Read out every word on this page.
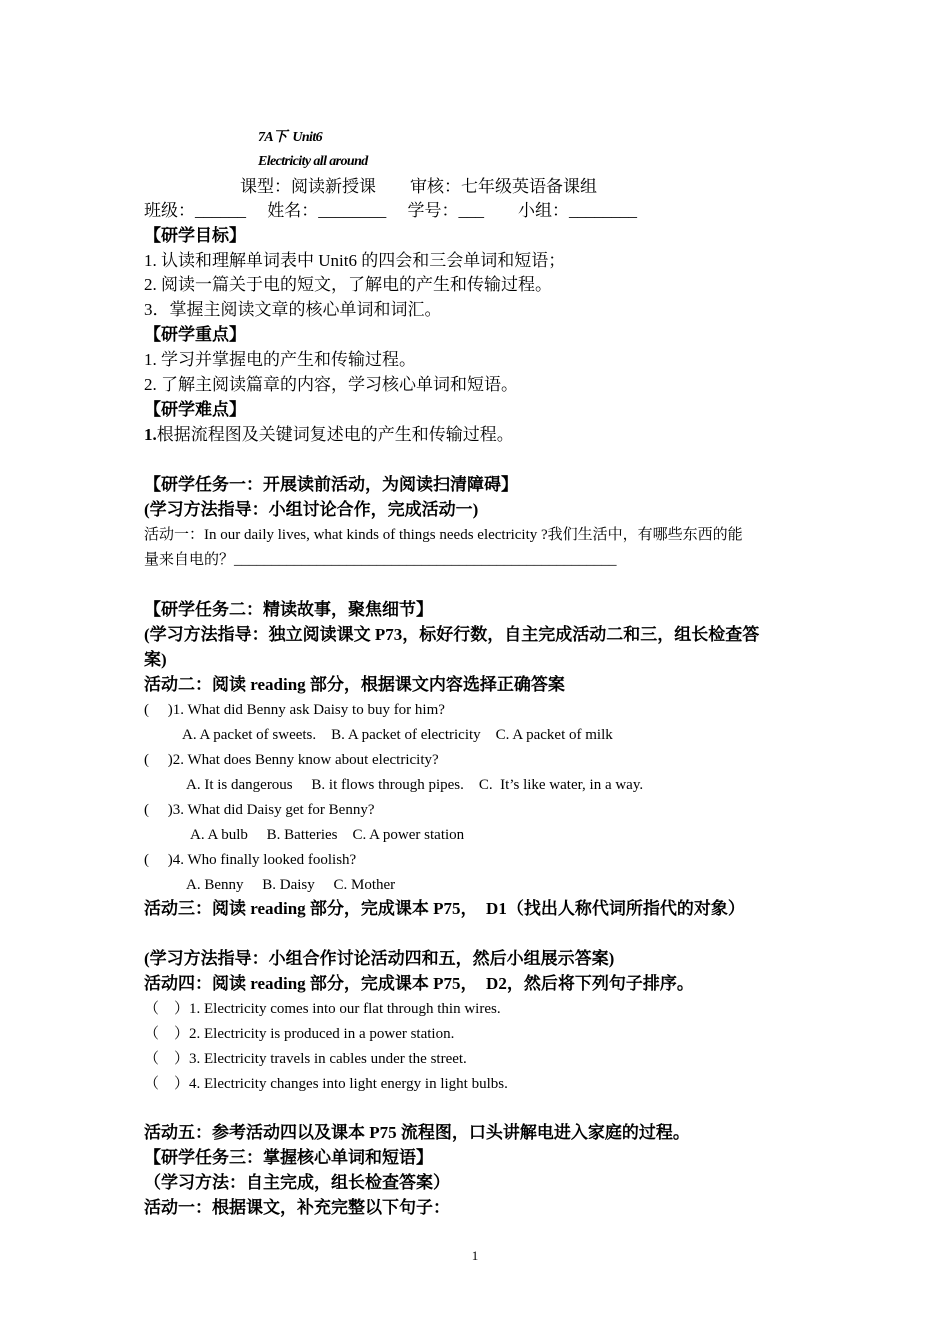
7A下  Unit6
Electricity all around
课型：阅读新授课        审核：七年级英语备课组
班级：______     姓名：________     学号：___        小组：________
【研学目标】
1. 认读和理解单词表中 Unit6 的四会和三会单词和短语；
2. 阅读一篇关于电的短文，了解电的产生和传输过程。
3．掌握主阅读文章的核心单词和词汇。
【研学重点】
1. 学习并掌握电的产生和传输过程。
2. 了解主阅读篇章的内容，学习核心单词和短语。
【研学难点】
1.根据流程图及关键词复述电的产生和传输过程。
【研学任务一：开展读前活动，为阅读扫清障碍】
(学习方法指导：小组讨论合作，完成活动一)
活动一：In our daily lives, what kinds of things needs electricity ?我们生活中，有哪些东西的能
量来自电的？___________________________________________________
【研学任务二：精读故事，聚焦细节】
(学习方法指导：独立阅读课文 P73，标好行数，自主完成活动二和三，组长检查答
案)
活动二：阅读 reading 部分，根据课文内容选择正确答案
(     )1. What did Benny ask Daisy to buy for him?
A. A packet of sweets.    B. A packet of electricity    C. A packet of milk
(     )2. What does Benny know about electricity?
A. It is dangerous     B. it flows through pipes.    C.  It’s like water, in a way.
(     )3. What did Daisy get for Benny?
A. A bulb     B. Batteries    C. A power station
(     )4. Who finally looked foolish?
A. Benny     B. Daisy     C. Mother
活动三：阅读 reading 部分，完成课本 P75，  D1（找出人称代词所指代的对象）
(学习方法指导：小组合作讨论活动四和五，然后小组展示答案)
活动四：阅读 reading 部分，完成课本 P75，  D2，然后将下列句子排序。
（    ）1. Electricity comes into our flat through thin wires.
（    ）2. Electricity is produced in a power station.
（    ）3. Electricity travels in cables under the street.
（    ）4. Electricity changes into light energy in light bulbs.
活动五：参考活动四以及课本 P75 流程图，口头讲解电进入家庭的过程。
【研学任务三：掌握核心单词和短语】
（学习方法：自主完成，组长检查答案）
活动一：根据课文，补充完整以下句子：
1
